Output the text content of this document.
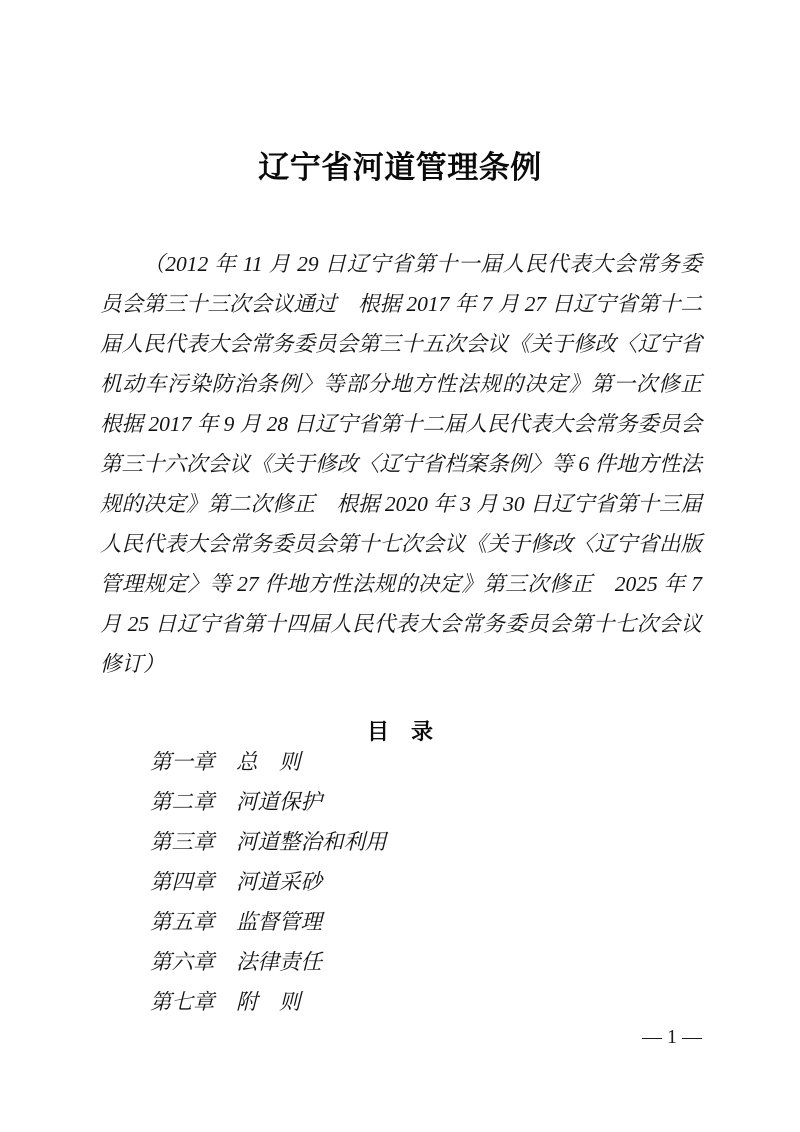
辽宁省河道管理条例

（2012 年 11 月 29 日辽宁省第十一届人民代表大会常务委员会第三十三次会议通过　根据 2017 年 7 月 27 日辽宁省第十二届人民代表大会常务委员会第三十五次会议《关于修改〈辽宁省机动车污染防治条例〉等部分地方性法规的决定》第一次修正　根据 2017 年 9 月 28 日辽宁省第十二届人民代表大会常务委员会第三十六次会议《关于修改〈辽宁省档案条例〉等 6 件地方性法规的决定》第二次修正　根据 2020 年 3 月 30 日辽宁省第十三届人民代表大会常务委员会第十七次会议《关于修改〈辽宁省出版管理规定〉等 27 件地方性法规的决定》第三次修正　2025 年 7 月 25 日辽宁省第十四届人民代表大会常务委员会第十七次会议修订）

目　录
第一章　 总　则
第二章　 河道保护
第三章　 河道整治和利用
第四章　 河道采砂
第五章　 监督管理
第六章　 法律责任
第七章　 附　则
— 1 —
